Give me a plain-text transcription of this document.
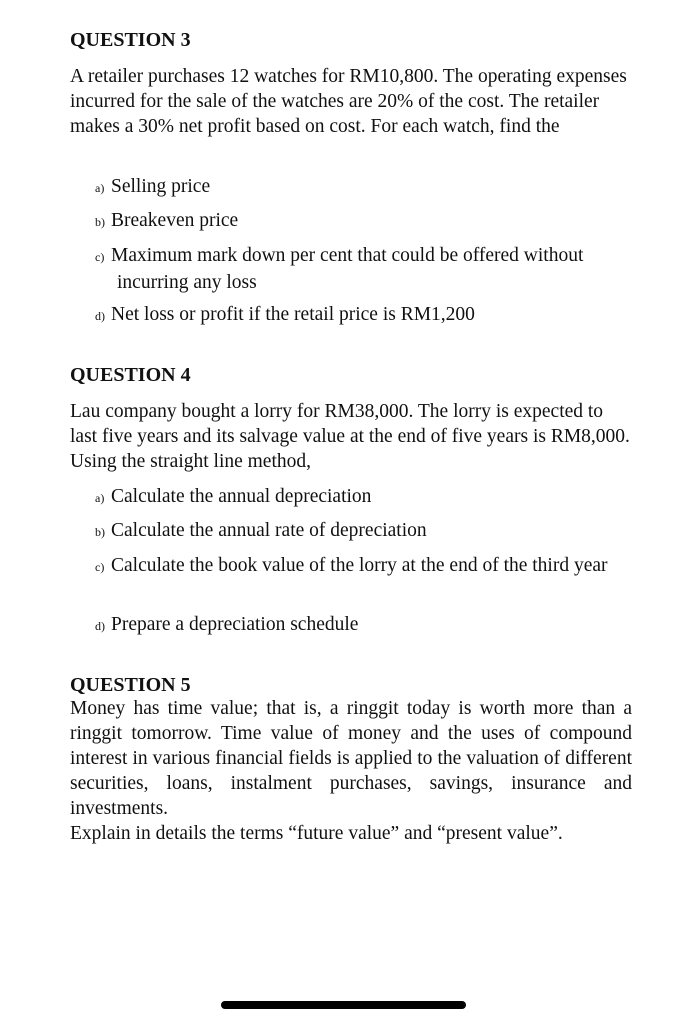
QUESTION 3

A retailer purchases 12 watches for RM10,800. The operating expenses incurred for the sale of the watches are 20% of the cost. The retailer makes a 30% net profit based on cost. For each watch, find the

a) Selling price
b) Breakeven price
c) Maximum mark down per cent that could be offered without incurring any loss
d) Net loss or profit if the retail price is RM1,200
QUESTION 4

Lau company bought a lorry for RM38,000. The lorry is expected to last five years and its salvage value at the end of five years is RM8,000. Using the straight line method,

a) Calculate the annual depreciation
b) Calculate the annual rate of depreciation
c) Calculate the book value of the lorry at the end of the third year
d) Prepare a depreciation schedule
QUESTION 5

Money has time value; that is, a ringgit today is worth more than a ringgit tomorrow. Time value of money and the uses of compound interest in various financial fields is applied to the valuation of different securities, loans, instalment purchases, savings, insurance and investments.

Explain in details the terms “future value” and “present value”.
